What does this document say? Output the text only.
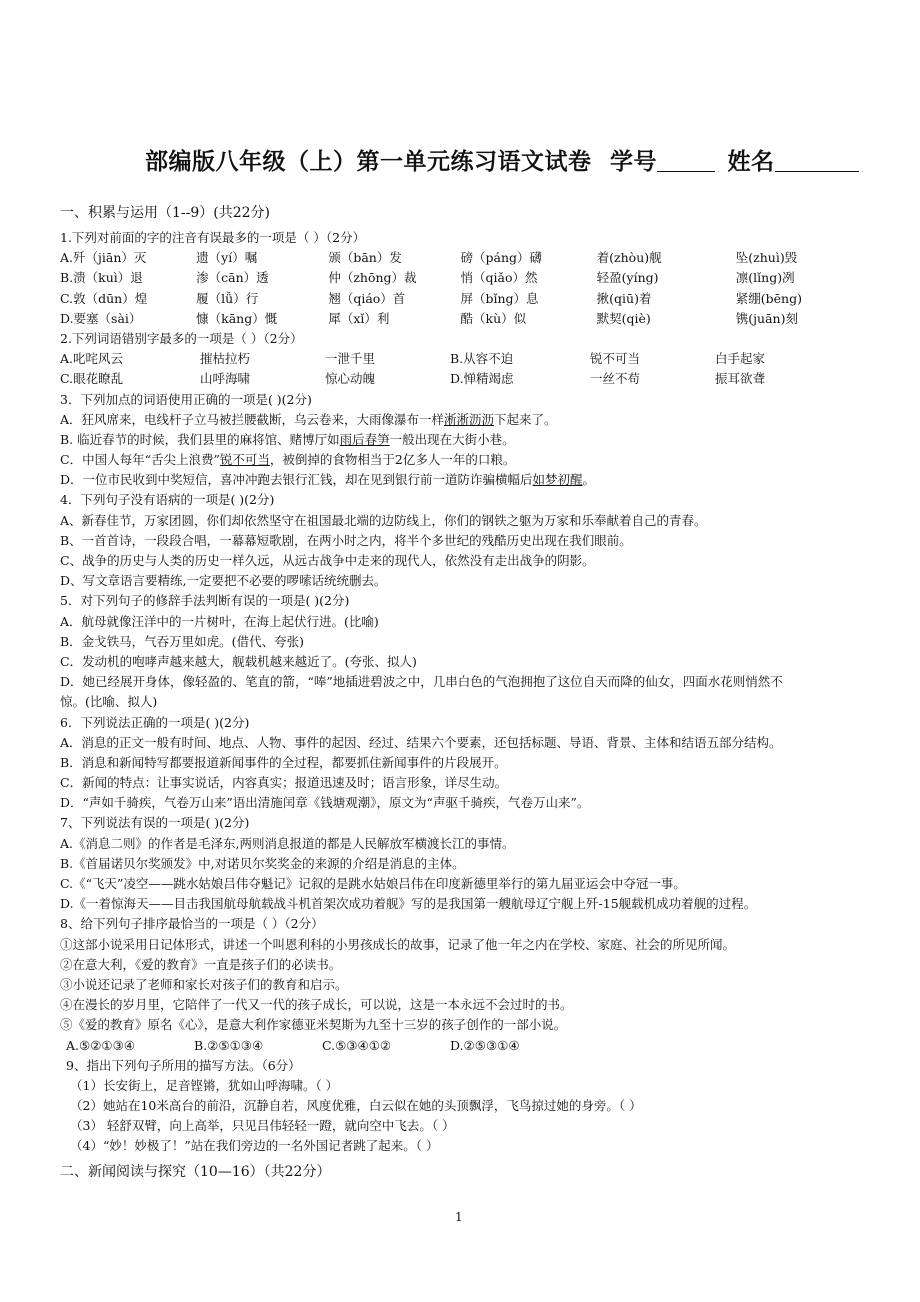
部编版八年级（上）第一单元练习语文试卷 学号	姓名
一、积累与运用（1--9）(共22分)
1.下列对前面的字的注音有误最多的一项是（ ）（2分）
A.歼（jiān）灭	遗（yí）嘱	颁（bān）发	磅（páng）礴	着(zhòu)舰	坠(zhuì)毁
B.溃（kuì）退	渗（cān）透	仲（zhōng）裁	悄（qiǎo）然	轻盈(yíng)	凛(lǐng)冽
C.敦（dūn）煌	履（lǚ）行	翘（qiáo）首	屏（bǐng）息	揪(qiū)着	紧绷(bēng)
D.要塞（sài）	慷（kāng）慨	犀（xǐ）利	酷（kù）似	默契(qiè)	镌(juān)刻
2.下列词语错别字最多的一项是（ ）（2分）
A.叱咤风云	摧枯拉朽	一泄千里	B.从容不迫	锐不可当	白手起家
C.眼花瞭乱	山呼海啸	惊心动魄	D.惮精竭虑	一丝不苟	振耳欲聋
3．下列加点的词语使用正确的一项是( )(2分)
A．狂风席来，电线杆子立马被拦腰截断，乌云卷来，大雨像瀑布一样淅淅沥沥下起来了。
B. 临近春节的时候，我们县里的麻将馆、赌博厅如雨后春笋一般出现在大街小巷。
C．中国人每年“舌尖上浪费”锐不可当，被倒掉的食物相当于2亿多人一年的口粮。
D．一位市民收到中奖短信，喜冲冲跑去银行汇钱，却在见到银行前一道防诈骗横幅后如梦初醒。
4．下列句子没有语病的一项是( )(2分)
A、新春佳节，万家团圆，你们却依然坚守在祖国最北端的边防线上，你们的钢铁之躯为万家和乐奉献着自己的青春。
B、一首首诗，一段段合唱，一幕幕短歌剧，在两小时之内，将半个多世纪的残酷历史出现在我们眼前。
C、战争的历史与人类的历史一样久远，从远古战争中走来的现代人，依然没有走出战争的阴影。
D、写文章语言要精练,一定要把不必要的啰嗦话统统删去。
5．对下列句子的修辞手法判断有误的一项是( )(2分)
A．航母就像汪洋中的一片树叶，在海上起伏行进。(比喻)
B．金戈铁马，气吞万里如虎。(借代、夸张)
C．发动机的咆哮声越来越大，舰载机越来越近了。(夸张、拟人)
D．她已经展开身体，像轻盈的、笔直的箭，“唪”地插进碧波之中，几串白色的气泡拥抱了这位自天而降的仙女，四面水花则悄然不
惊。(比喻、拟人)
6．下列说法正确的一项是( )(2分)
A．消息的正文一般有时间、地点、人物、事件的起因、经过、结果六个要素，还包括标题、导语、背景、主体和结语五部分结构。
B．消息和新闻特写都要报道新闻事件的全过程，都要抓住新闻事件的片段展开。
C．新闻的特点：让事实说话，内容真实；报道迅速及时；语言形象，详尽生动。
D．“声如千骑疾，气卷万山来”语出清施闰章《钱塘观潮》，原文为“声驱千骑疾，气卷万山来”。
7、下列说法有误的一项是( )(2分)
A.《消息二则》的作者是毛泽东,两则消息报道的都是人民解放军横渡长江的事情。
B.《首届诺贝尔奖颁发》中,对诺贝尔奖奖金的来源的介绍是消息的主体。
C.《“飞天”凌空——跳水姑娘吕伟夺魁记》记叙的是跳水姑娘吕伟在印度新德里举行的第九届亚运会中夺冠一事。
D.《一着惊海天——目击我国航母航载战斗机首架次成功着舰》写的是我国第一艘航母辽宁舰上歼-15舰载机成功着舰的过程。
8、给下列句子排序最恰当的一项是（ ）（2分）
①这部小说采用日记体形式，讲述一个叫恩利科的小男孩成长的故事，记录了他一年之内在学校、家庭、社会的所见所闻。
②在意大利，《爱的教育》一直是孩子们的必读书。
③小说还记录了老师和家长对孩子们的教育和启示。
④在漫长的岁月里，它陪伴了一代又一代的孩子成长，可以说，这是一本永远不会过时的书。
⑤《爱的教育》原名《心》，是意大利作家德亚米契斯为九至十三岁的孩子创作的一部小说。
A.⑤②①③④	B.②⑤①③④	C.⑤③④①②	D.②⑤③①④
9、指出下列句子所用的描写方法。（6分）
（1）长安街上，足音铿锵，犹如山呼海啸。（ ）
（2）她站在10米高台的前沿，沉静自若，风度优雅，白云似在她的头顶飘浮，飞鸟掠过她的身旁。（ ）
（3） 轻舒双臂，向上高举，只见吕伟轻轻一蹬，就向空中飞去。（ ）
（4）“妙！妙极了！”站在我们旁边的一名外国记者跳了起来。（ ）
二、新闻阅读与探究（10—16）（共22分）
1
